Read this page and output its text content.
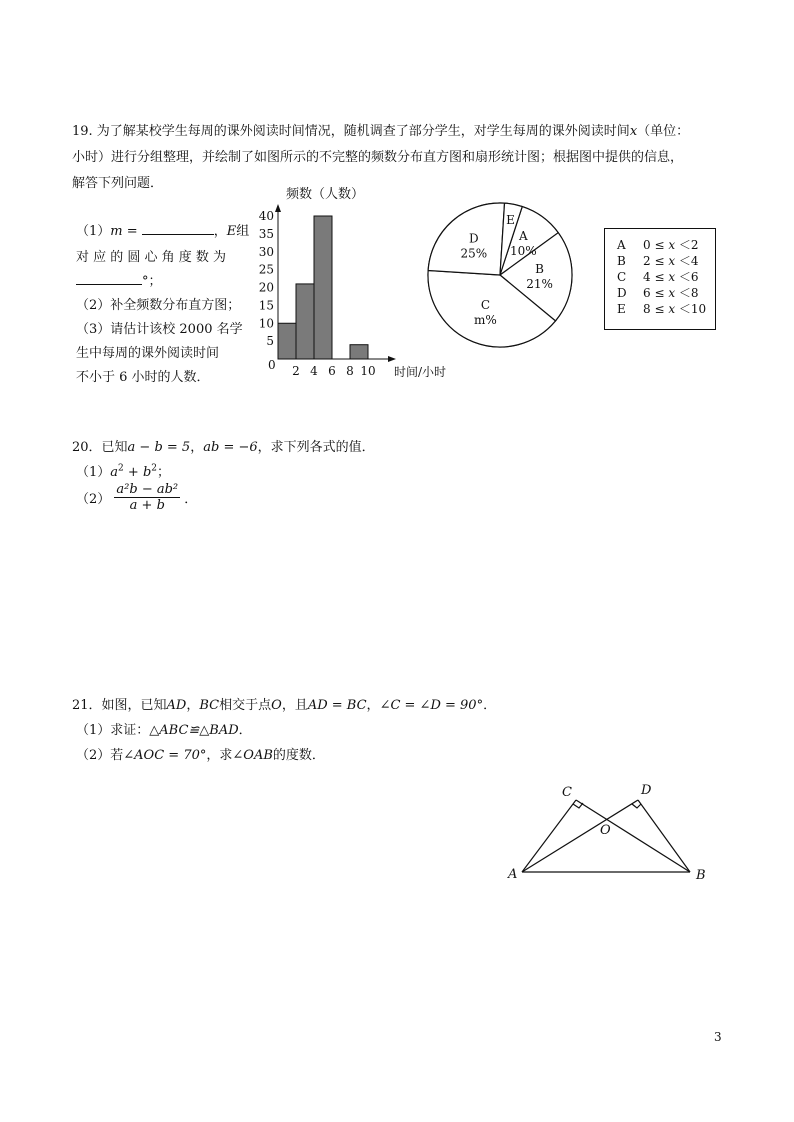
19. 为了解某校学生每周的课外阅读时间情况，随机调查了部分学生，对学生每周的课外阅读时间x（单位：
小时）进行分组整理，并绘制了如图所示的不完整的频数分布直方图和扇形统计图；根据图中提供的信息，
解答下列问题．
（1）m =	，E组
对 应 的 圆 心 角 度 数 为
°；
（2）补全频数分布直方图；
（3）请估计该校 2000 名学
生中每周的课外阅读时间
不小于 6 小时的人数．
频数（人数）
5
10
15
20
25
30
35
40
0 2 4 6 8 10 时间/小时
A
10%
B
21%
C
m%
D
25%
E
A 0 ≤ x ＜2
B 2 ≤ x ＜4
C 4 ≤ x ＜6
D 6 ≤ x ＜8
E 8 ≤ x ＜10
20．已知a − b = 5，ab = −6，求下列各式的值．
$(1)a^2 + b^2$；
$(2) \frac{\text{a²b − ab²}}{a + b}$ ．
21．如图，已知AD，BC相交于点O，且AD = BC，∠C = ∠D = 90°．
（1）求证：△ABC≌△BAD．
（2）若∠AOC = 70°，求∠OAB的度数．
A	B
C	D
O
3
